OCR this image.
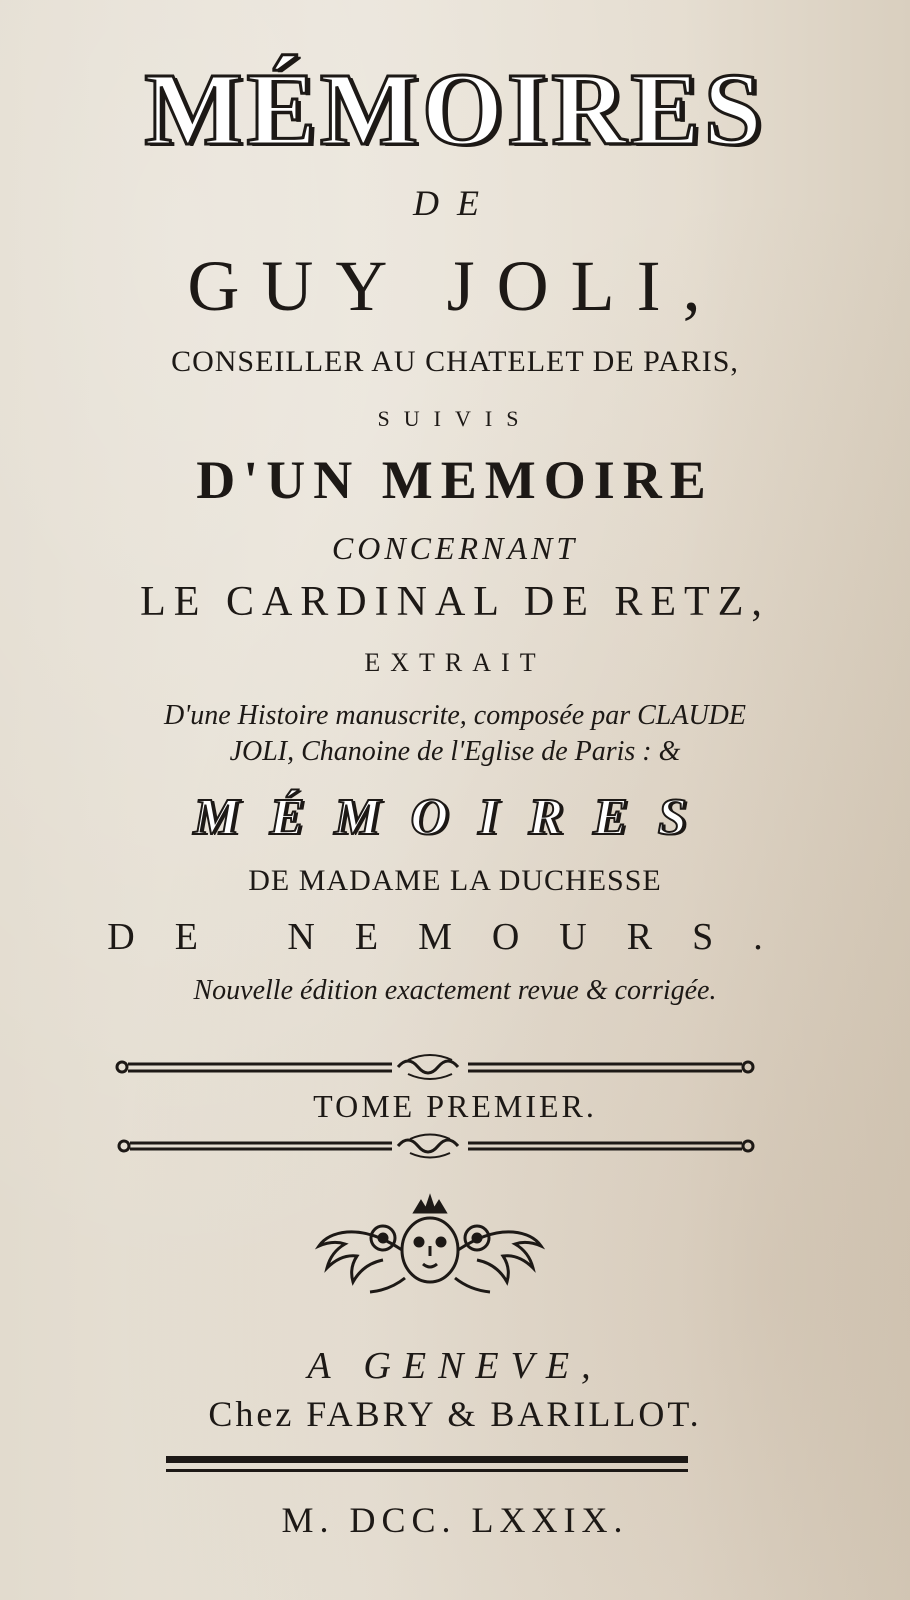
MÉMOIRES

DE

GUY JOLI,

CONSEILLER AU CHATELET DE PARIS,

SUIVIS

D'UN MEMOIRE

CONCERNANT

LE CARDINAL DE RETZ,

EXTRAIT

D'une Histoire manuscrite, composée par CLAUDE

JOLI, Chanoine de l'Eglise de Paris : &

MÉMOIRES

DE MADAME LA DUCHESSE

DE NEMOURS.

Nouvelle édition exactement revue & corrigée.

TOME PREMIER.

A GENEVE,

Chez FABRY & BARILLOT.

M. DCC. LXXIX.
